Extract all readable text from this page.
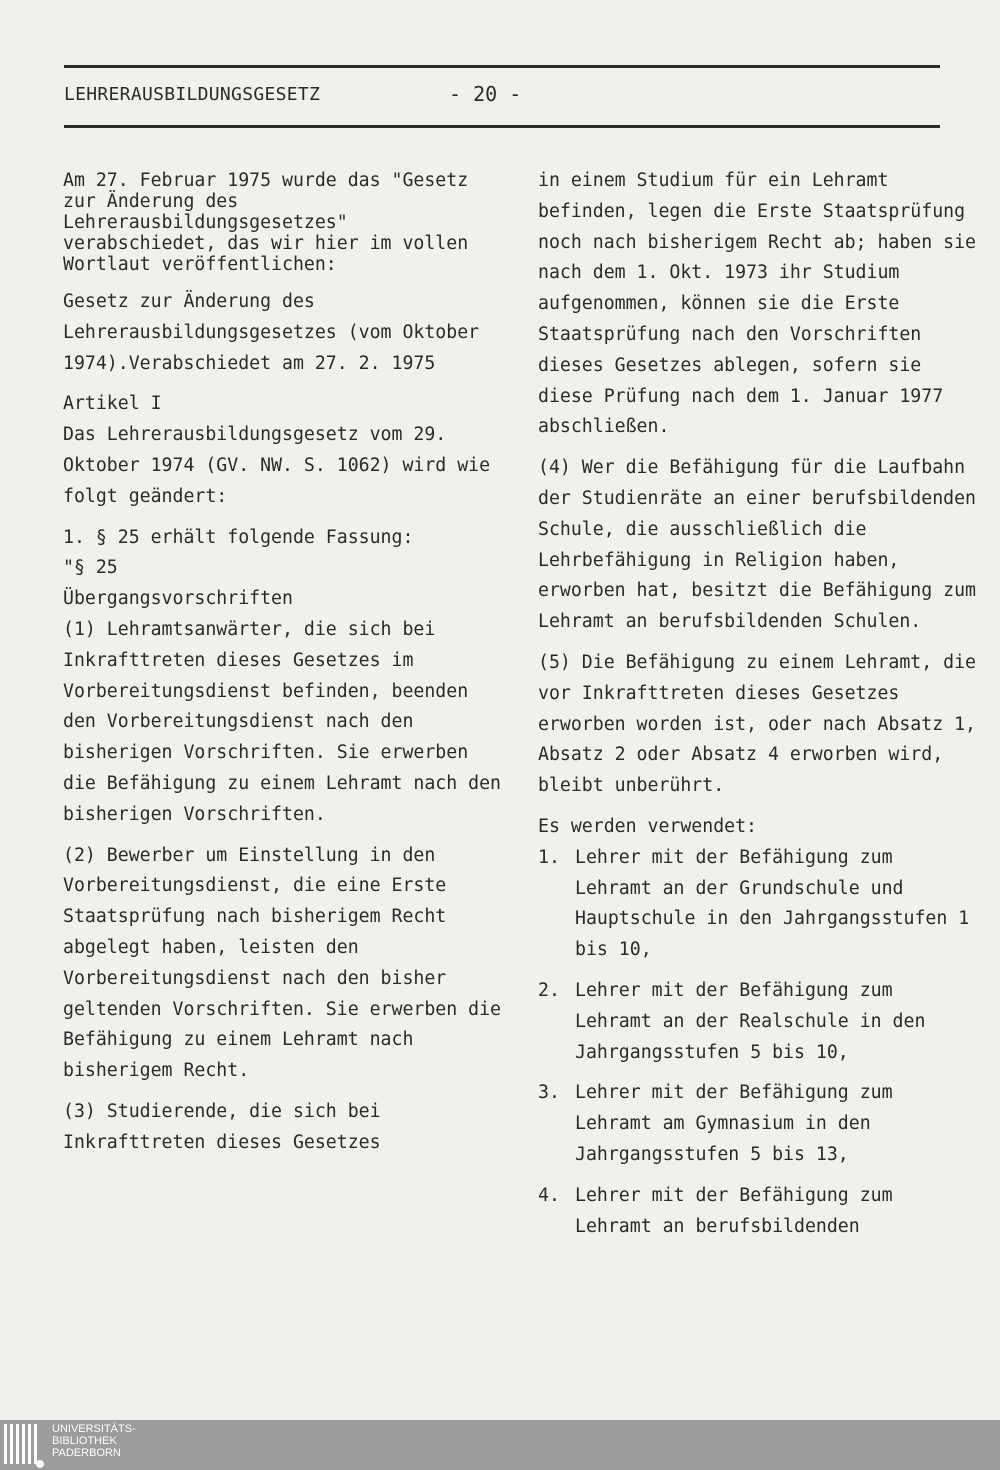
LEHRERAUSBILDUNGSGESETZ	- 20 -

Am 27. Februar 1975 wurde das "Gesetz zur Änderung des Lehrerausbildungsgesetzes" verabschiedet, das wir hier im vollen Wortlaut veröffentlichen:

Gesetz zur Änderung des Lehrerausbildungsgesetzes (vom Oktober 1974).Verabschiedet am 27. 2. 1975

Artikel I

Das Lehrerausbildungsgesetz vom 29. Oktober 1974 (GV. NW. S. 1062) wird wie folgt geändert:

1. § 25 erhält folgende Fassung:
"§ 25
Übergangsvorschriften

(1) Lehramtsanwärter, die sich bei Inkrafttreten dieses Gesetzes im Vorbereitungsdienst befinden, beenden den Vorbereitungsdienst nach den bisherigen Vorschriften. Sie erwerben die Befähigung zu einem Lehramt nach den bisherigen Vorschriften.

(2) Bewerber um Einstellung in den Vorbereitungsdienst, die eine Erste Staatsprüfung nach bisherigem Recht abgelegt haben, leisten den Vorbereitungsdienst nach den bisher geltenden Vorschriften. Sie erwerben die Befähigung zu einem Lehramt nach bisherigem Recht.

(3) Studierende, die sich bei Inkrafttreten dieses Gesetzes

in einem Studium für ein Lehramt befinden, legen die Erste Staatsprüfung noch nach bisherigem Recht ab; haben sie nach dem 1. Okt. 1973 ihr Studium aufgenommen, können sie die Erste Staatsprüfung nach den Vorschriften dieses Gesetzes ablegen, sofern sie diese Prüfung nach dem 1. Januar 1977 abschließen.

(4) Wer die Befähigung für die Laufbahn der Studienräte an einer berufsbildenden Schule, die ausschließlich die Lehrbefähigung in Religion haben, erworben hat, besitzt die Befähigung zum Lehramt an berufsbildenden Schulen.

(5) Die Befähigung zu einem Lehramt, die vor Inkrafttreten dieses Gesetzes erworben worden ist, oder nach Absatz 1, Absatz 2 oder Absatz 4 erworben wird, bleibt unberührt.

Es werden verwendet:
1. Lehrer mit der Befähigung zum Lehramt an der Grundschule und Hauptschule in den Jahrgangsstufen 1 bis 10,
2. Lehrer mit der Befähigung zum Lehramt an der Realschule in den Jahrgangsstufen 5 bis 10,
3. Lehrer mit der Befähigung zum Lehramt am Gymnasium in den Jahrgangsstufen 5 bis 13,
4. Lehrer mit der Befähigung zum Lehramt an berufsbildenden
UNIVERSITÄTS-
BIBLIOTHEK
PADERBORN
